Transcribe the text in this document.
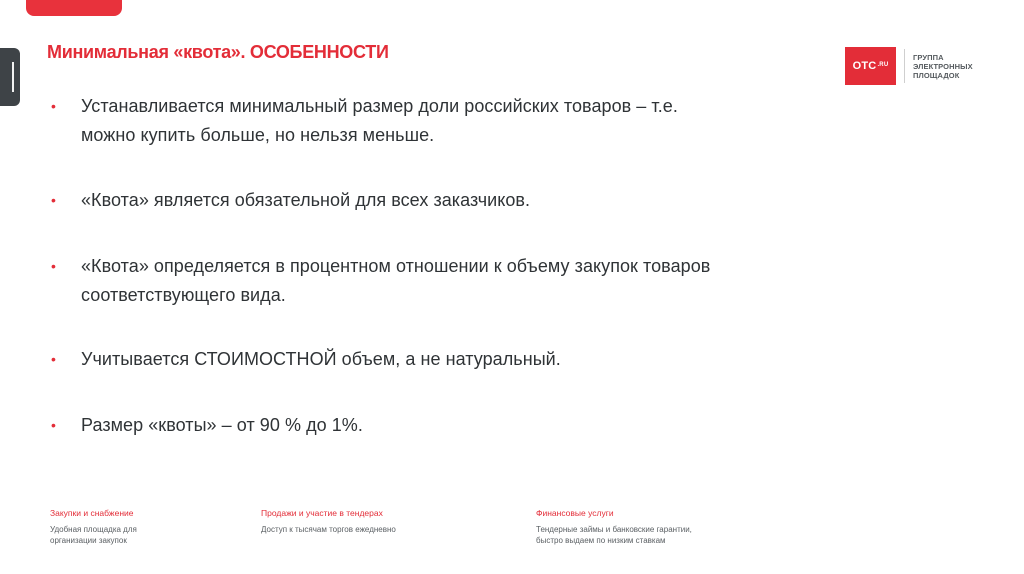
Минимальная «квота». ОСОБЕННОСТИ
ОТС .RU
ГРУППА
ЭЛЕКТРОННЫХ
ПЛОЩАДОК
•	Устанавливается минимальный размер доли российских товаров – т.е.
можно купить больше, но нельзя меньше.
•	«Квота» является обязательной для всех заказчиков.
•	«Квота» определяется в процентном отношении к объему закупок товаров
соответствующего вида.
•	Учитывается СТОИМОСТНОЙ объем, а не натуральный.
•	Размер «квоты» – от 90 % до 1%.
Закупки и снабжение
Удобная площадка для
организации закупок
Продажи и участие в тендерах
Доступ к тысячам торгов ежедневно
Финансовые услуги
Тендерные займы и банковские гарантии,
быстро выдаем по низким ставкам
